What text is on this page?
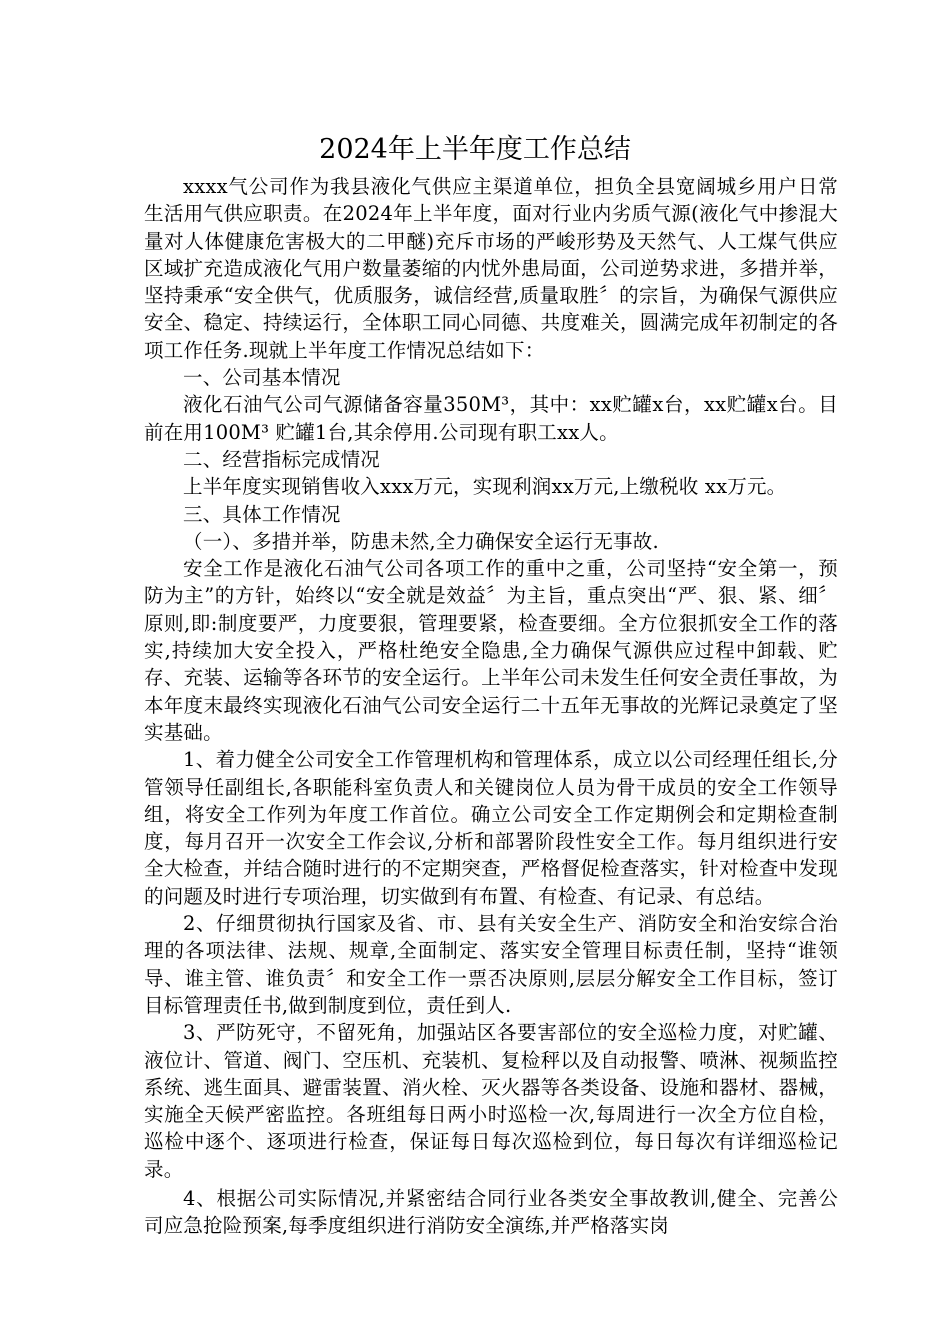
2024年上半年度工作总结

xxxx气公司作为我县液化气供应主渠道单位，担负全县宽阔城乡用户日常生活用气供应职责。在2024年上半年度，面对行业内劣质气源(液化气中掺混大量对人体健康危害极大的二甲醚)充斥市场的严峻形势及天然气、人工煤气供应区域扩充造成液化气用户数量萎缩的内忧外患局面，公司逆势求进，多措并举，坚持秉承“安全供气，优质服务，诚信经营,质量取胜〞的宗旨，为确保气源供应安全、稳定、持续运行，全体职工同心同德、共度难关，圆满完成年初制定的各项工作任务.现就上半年度工作情况总结如下：

一、公司基本情况

液化石油气公司气源储备容量350M³，其中：xx贮罐x台，xx贮罐x台。目前在用100M³ 贮罐1台,其余停用.公司现有职工xx人。

二、经营指标完成情况

上半年度实现销售收入xxx万元，实现利润xx万元,上缴税收 xx万元。

三、具体工作情况

（一）、多措并举，防患未然,全力确保安全运行无事故.

安全工作是液化石油气公司各项工作的重中之重，公司坚持“安全第一，预防为主”的方针，始终以“安全就是效益〞为主旨，重点突出“严、狠、紧、细〞原则,即:制度要严，力度要狠，管理要紧，检查要细。全方位狠抓安全工作的落实,持续加大安全投入，严格杜绝安全隐患,全力确保气源供应过程中卸载、贮存、充装、运输等各环节的安全运行。上半年公司未发生任何安全责任事故，为本年度末最终实现液化石油气公司安全运行二十五年无事故的光辉记录奠定了坚实基础。

1、着力健全公司安全工作管理机构和管理体系，成立以公司经理任组长,分管领导任副组长,各职能科室负责人和关键岗位人员为骨干成员的安全工作领导组，将安全工作列为年度工作首位。确立公司安全工作定期例会和定期检查制度，每月召开一次安全工作会议,分析和部署阶段性安全工作。每月组织进行安全大检查，并结合随时进行的不定期突查，严格督促检查落实，针对检查中发现的问题及时进行专项治理，切实做到有布置、有检查、有记录、有总结。

2、仔细贯彻执行国家及省、市、县有关安全生产、消防安全和治安综合治理的各项法律、法规、规章,全面制定、落实安全管理目标责任制，坚持“谁领导、谁主管、谁负责〞和安全工作一票否决原则,层层分解安全工作目标，签订目标管理责任书,做到制度到位，责任到人.

3、严防死守，不留死角，加强站区各要害部位的安全巡检力度，对贮罐、液位计、管道、阀门、空压机、充装机、复检秤以及自动报警、喷淋、视频监控系统、逃生面具、避雷装置、消火栓、灭火器等各类设备、设施和器材、器械，实施全天候严密监控。各班组每日两小时巡检一次,每周进行一次全方位自检，巡检中逐个、逐项进行检查，保证每日每次巡检到位，每日每次有详细巡检记录。

4、根据公司实际情况,并紧密结合同行业各类安全事故教训,健全、完善公司应急抢险预案,每季度组织进行消防安全演练,并严格落实岗
